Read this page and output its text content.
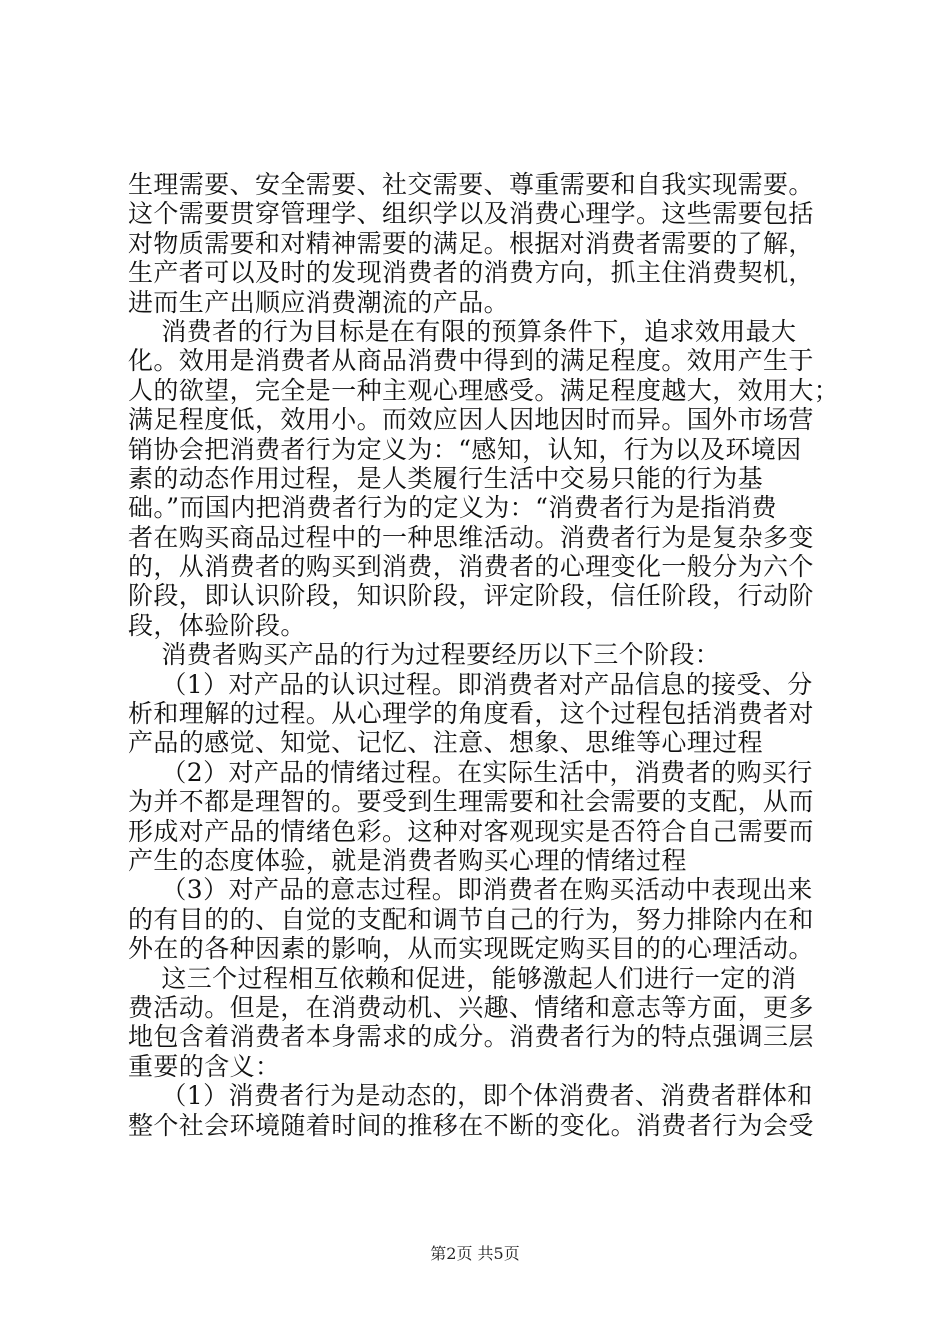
生理需要、安全需要、社交需要、尊重需要和自我实现需要。
这个需要贯穿管理学、组织学以及消费心理学。这些需要包括
对物质需要和对精神需要的满足。根据对消费者需要的了解，
生产者可以及时的发现消费者的消费方向，抓主住消费契机，
进而生产出顺应消费潮流的产品。

消费者的行为目标是在有限的预算条件下，追求效用最大
化。效用是消费者从商品消费中得到的满足程度。效用产生于
人的欲望，完全是一种主观心理感受。满足程度越大，效用大；
满足程度低，效用小。而效应因人因地因时而异。国外市场营
销协会把消费者行为定义为：“感知，认知，行为以及环境因
素的动态作用过程，是人类履行生活中交易只能的行为基
础。”而国内把消费者行为的定义为：“消费者行为是指消费
者在购买商品过程中的一种思维活动。消费者行为是复杂多变
的，从消费者的购买到消费，消费者的心理变化一般分为六个
阶段，即认识阶段，知识阶段，评定阶段，信任阶段，行动阶
段，体验阶段。

消费者购买产品的行为过程要经历以下三个阶段：

（1）对产品的认识过程。即消费者对产品信息的接受、分
析和理解的过程。从心理学的角度看，这个过程包括消费者对
产品的感觉、知觉、记忆、注意、想象、思维等心理过程

（2）对产品的情绪过程。在实际生活中，消费者的购买行
为并不都是理智的。要受到生理需要和社会需要的支配，从而
形成对产品的情绪色彩。这种对客观现实是否符合自己需要而
产生的态度体验，就是消费者购买心理的情绪过程

（3）对产品的意志过程。即消费者在购买活动中表现出来
的有目的的、自觉的支配和调节自己的行为，努力排除内在和
外在的各种因素的影响，从而实现既定购买目的的心理活动。

这三个过程相互依赖和促进，能够激起人们进行一定的消
费活动。但是，在消费动机、兴趣、情绪和意志等方面，更多
地包含着消费者本身需求的成分。消费者行为的特点强调三层
重要的含义：

（1）消费者行为是动态的，即个体消费者、消费者群体和
整个社会环境随着时间的推移在不断的变化。消费者行为会受

第2页 共5页
